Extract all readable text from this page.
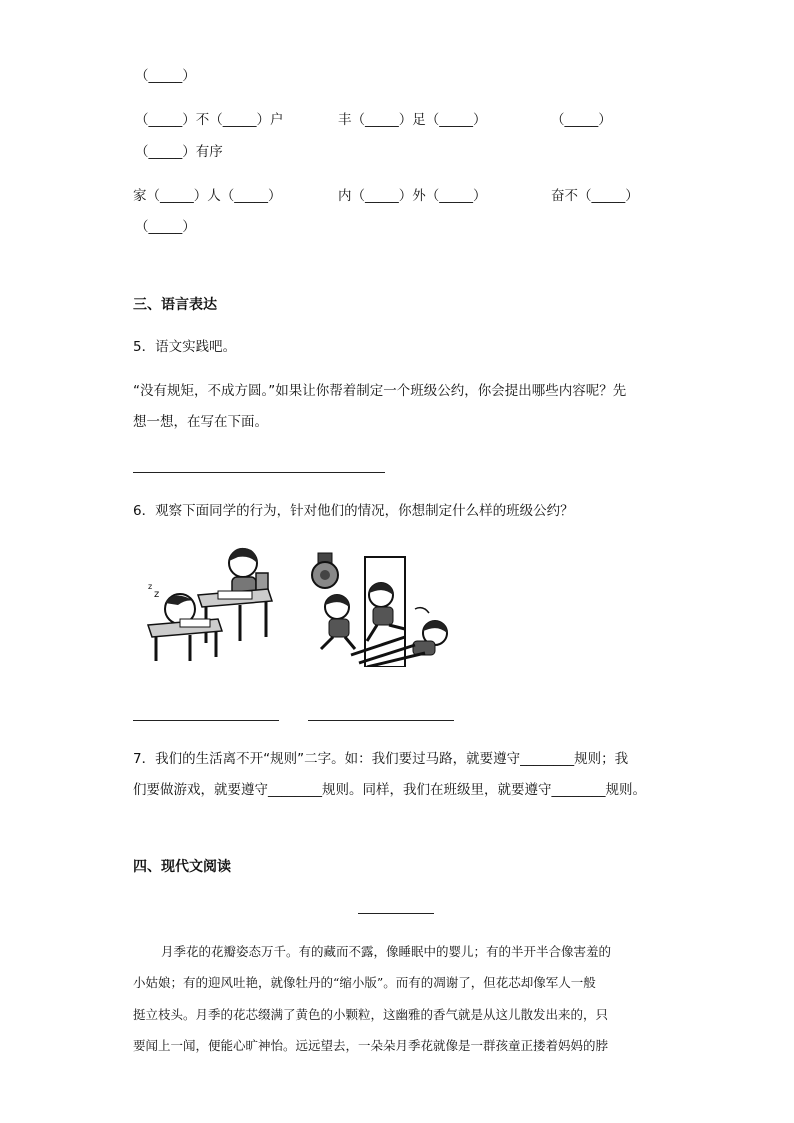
（_____）
（_____）不（_____）户	丰（_____）足（_____）	（_____）
（_____）有序
家（_____）人（_____）	内（_____）外（_____）	奋不（_____）
（_____）
三、语言表达
5．语文实践吧。
“没有规矩，不成方圆。”如果让你帮着制定一个班级公约，你会提出哪些内容呢？先
想一想，在写在下面。
6．观察下面同学的行为，针对他们的情况，你想制定什么样的班级公约？
z
z
7．我们的生活离不开“规则”二字。如：我们要过马路，就要遵守________规则；我
们要做游戏，就要遵守________规则。同样，我们在班级里，就要遵守________规则。
四、现代文阅读
月季花的花瓣姿态万千。有的藏而不露，像睡眠中的婴儿；有的半开半合像害羞的
小姑娘；有的迎风吐艳，就像牡丹的“缩小版”。而有的凋谢了，但花芯却像军人一般
挺立枝头。月季的花芯缀满了黄色的小颗粒，这幽雅的香气就是从这儿散发出来的，只
要闻上一闻，便能心旷神怡。远远望去，一朵朵月季花就像是一群孩童正搂着妈妈的脖
